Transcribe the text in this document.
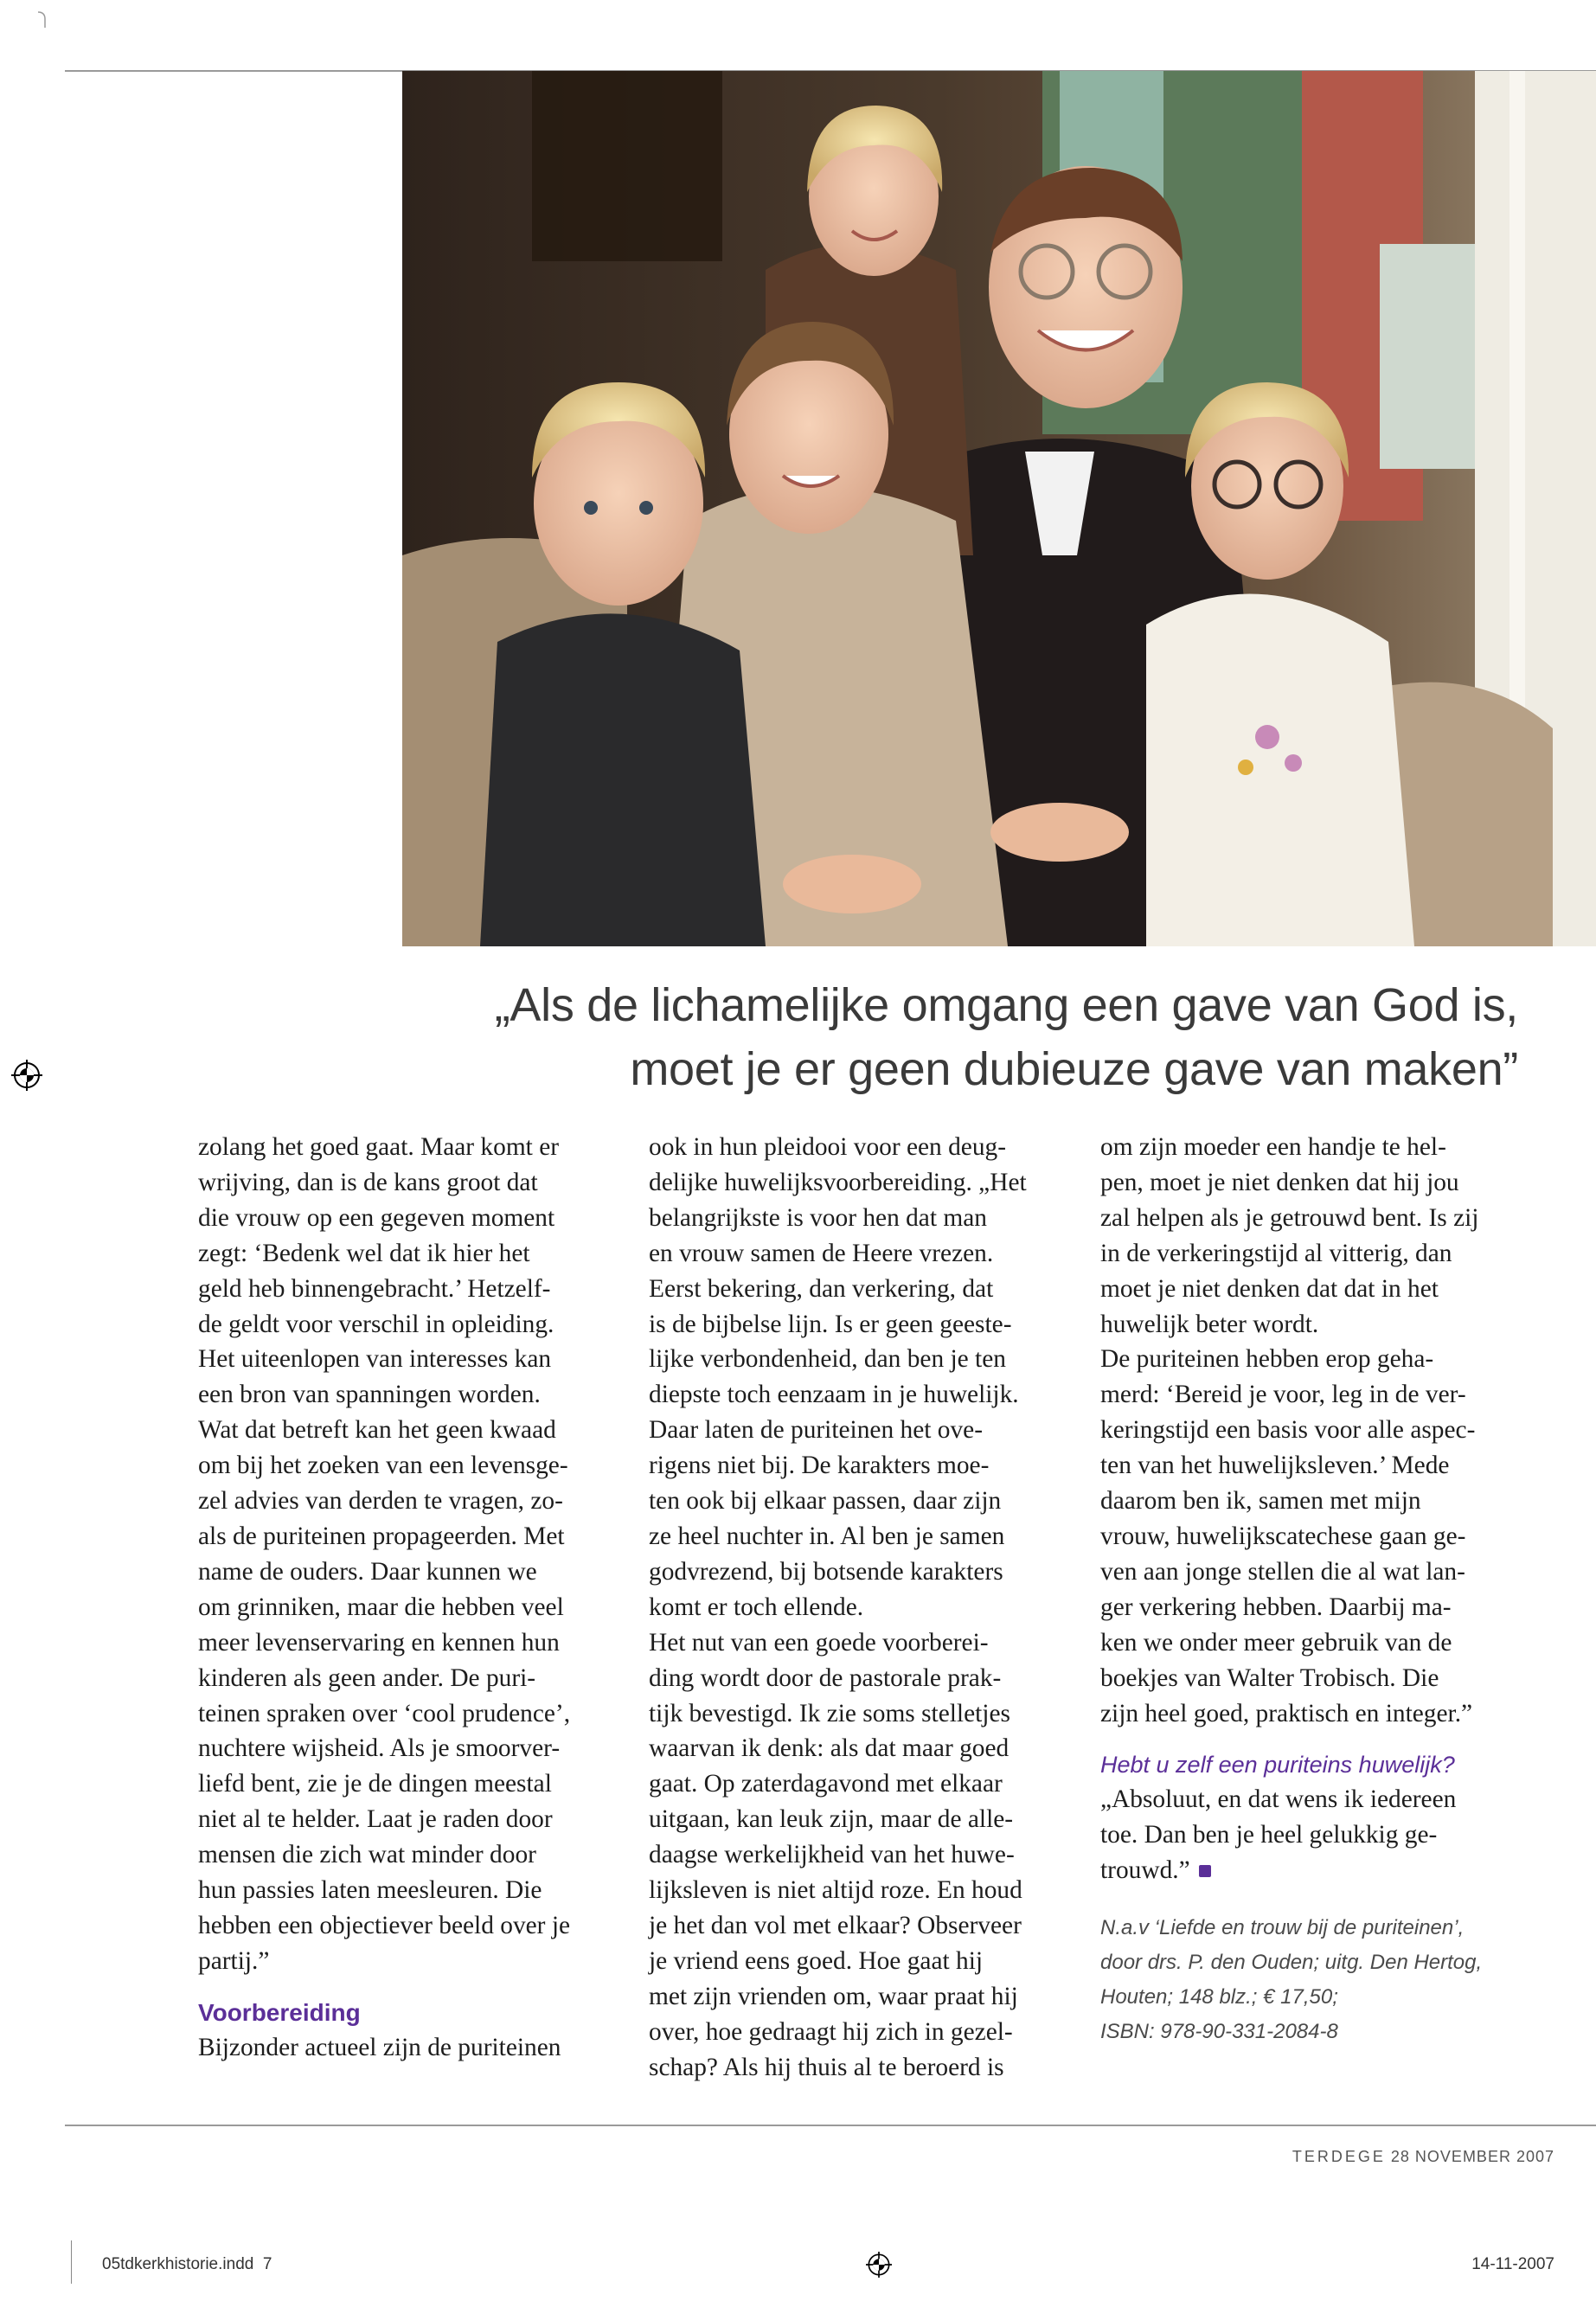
„Als de lichamelijke omgang een gave van God is,
moet je er geen dubieuze gave van maken”

zolang het goed gaat. Maar komt er
wrijving, dan is de kans groot dat
die vrouw op een gegeven moment
zegt: ‘Bedenk wel dat ik hier het
geld heb binnengebracht.’ Hetzelf-
de geldt voor verschil in opleiding.
Het uiteenlopen van interesses kan
een bron van spanningen worden.
Wat dat betreft kan het geen kwaad
om bij het zoeken van een levensge-
zel advies van derden te vragen, zo-
als de puriteinen propageerden. Met
name de ouders. Daar kunnen we
om grinniken, maar die hebben veel
meer levenservaring en kennen hun
kinderen als geen ander. De puri-
teinen spraken over ‘cool prudence’,
nuchtere wijsheid. Als je smoorver-
liefd bent, zie je de dingen meestal
niet al te helder. Laat je raden door
mensen die zich wat minder door
hun passies laten meesleuren. Die
hebben een objectiever beeld over je
partij.”

Voorbereiding

Bijzonder actueel zijn de puriteinen

ook in hun pleidooi voor een deug-
delijke huwelijksvoorbereiding. „Het
belangrijkste is voor hen dat man
en vrouw samen de Heere vrezen.
Eerst bekering, dan verkering, dat
is de bijbelse lijn. Is er geen geeste-
lijke verbondenheid, dan ben je ten
diepste toch eenzaam in je huwelijk.
Daar laten de puriteinen het ove-
rigens niet bij. De karakters moe-
ten ook bij elkaar passen, daar zijn
ze heel nuchter in. Al ben je samen
godvrezend, bij botsende karakters
komt er toch ellende.
Het nut van een goede voorberei-
ding wordt door de pastorale prak-
tijk bevestigd. Ik zie soms stelletjes
waarvan ik denk: als dat maar goed
gaat. Op zaterdagavond met elkaar
uitgaan, kan leuk zijn, maar de alle-
daagse werkelijkheid van het huwe-
lijksleven is niet altijd roze. En houd
je het dan vol met elkaar? Observeer
je vriend eens goed. Hoe gaat hij
met zijn vrienden om, waar praat hij
over, hoe gedraagt hij zich in gezel-
schap? Als hij thuis al te beroerd is

om zijn moeder een handje te hel-
pen, moet je niet denken dat hij jou
zal helpen als je getrouwd bent. Is zij
in de verkeringstijd al vitterig, dan
moet je niet denken dat dat in het
huwelijk beter wordt.
De puriteinen hebben erop geha-
merd: ‘Bereid je voor, leg in de ver-
keringstijd een basis voor alle aspec-
ten van het huwelijksleven.’ Mede
daarom ben ik, samen met mijn
vrouw, huwelijkscatechese gaan ge-
ven aan jonge stellen die al wat lan-
ger verkering hebben. Daarbij ma-
ken we onder meer gebruik van de
boekjes van Walter Trobisch. Die
zijn heel goed, praktisch en integer.”

Hebt u zelf een puriteins huwelijk?

„Absoluut, en dat wens ik iedereen
toe. Dan ben je heel gelukkig ge-
trouwd.”

N.a.v ‘Liefde en trouw bij de puriteinen’,
door drs. P. den Ouden; uitg. Den Hertog,
Houten; 148 blz.; € 17,50;
ISBN: 978-90-331-2084-8
TERDEGE 28 NOVEMBER 2007
05tdkerkhistorie.indd 7	14-11-2007
